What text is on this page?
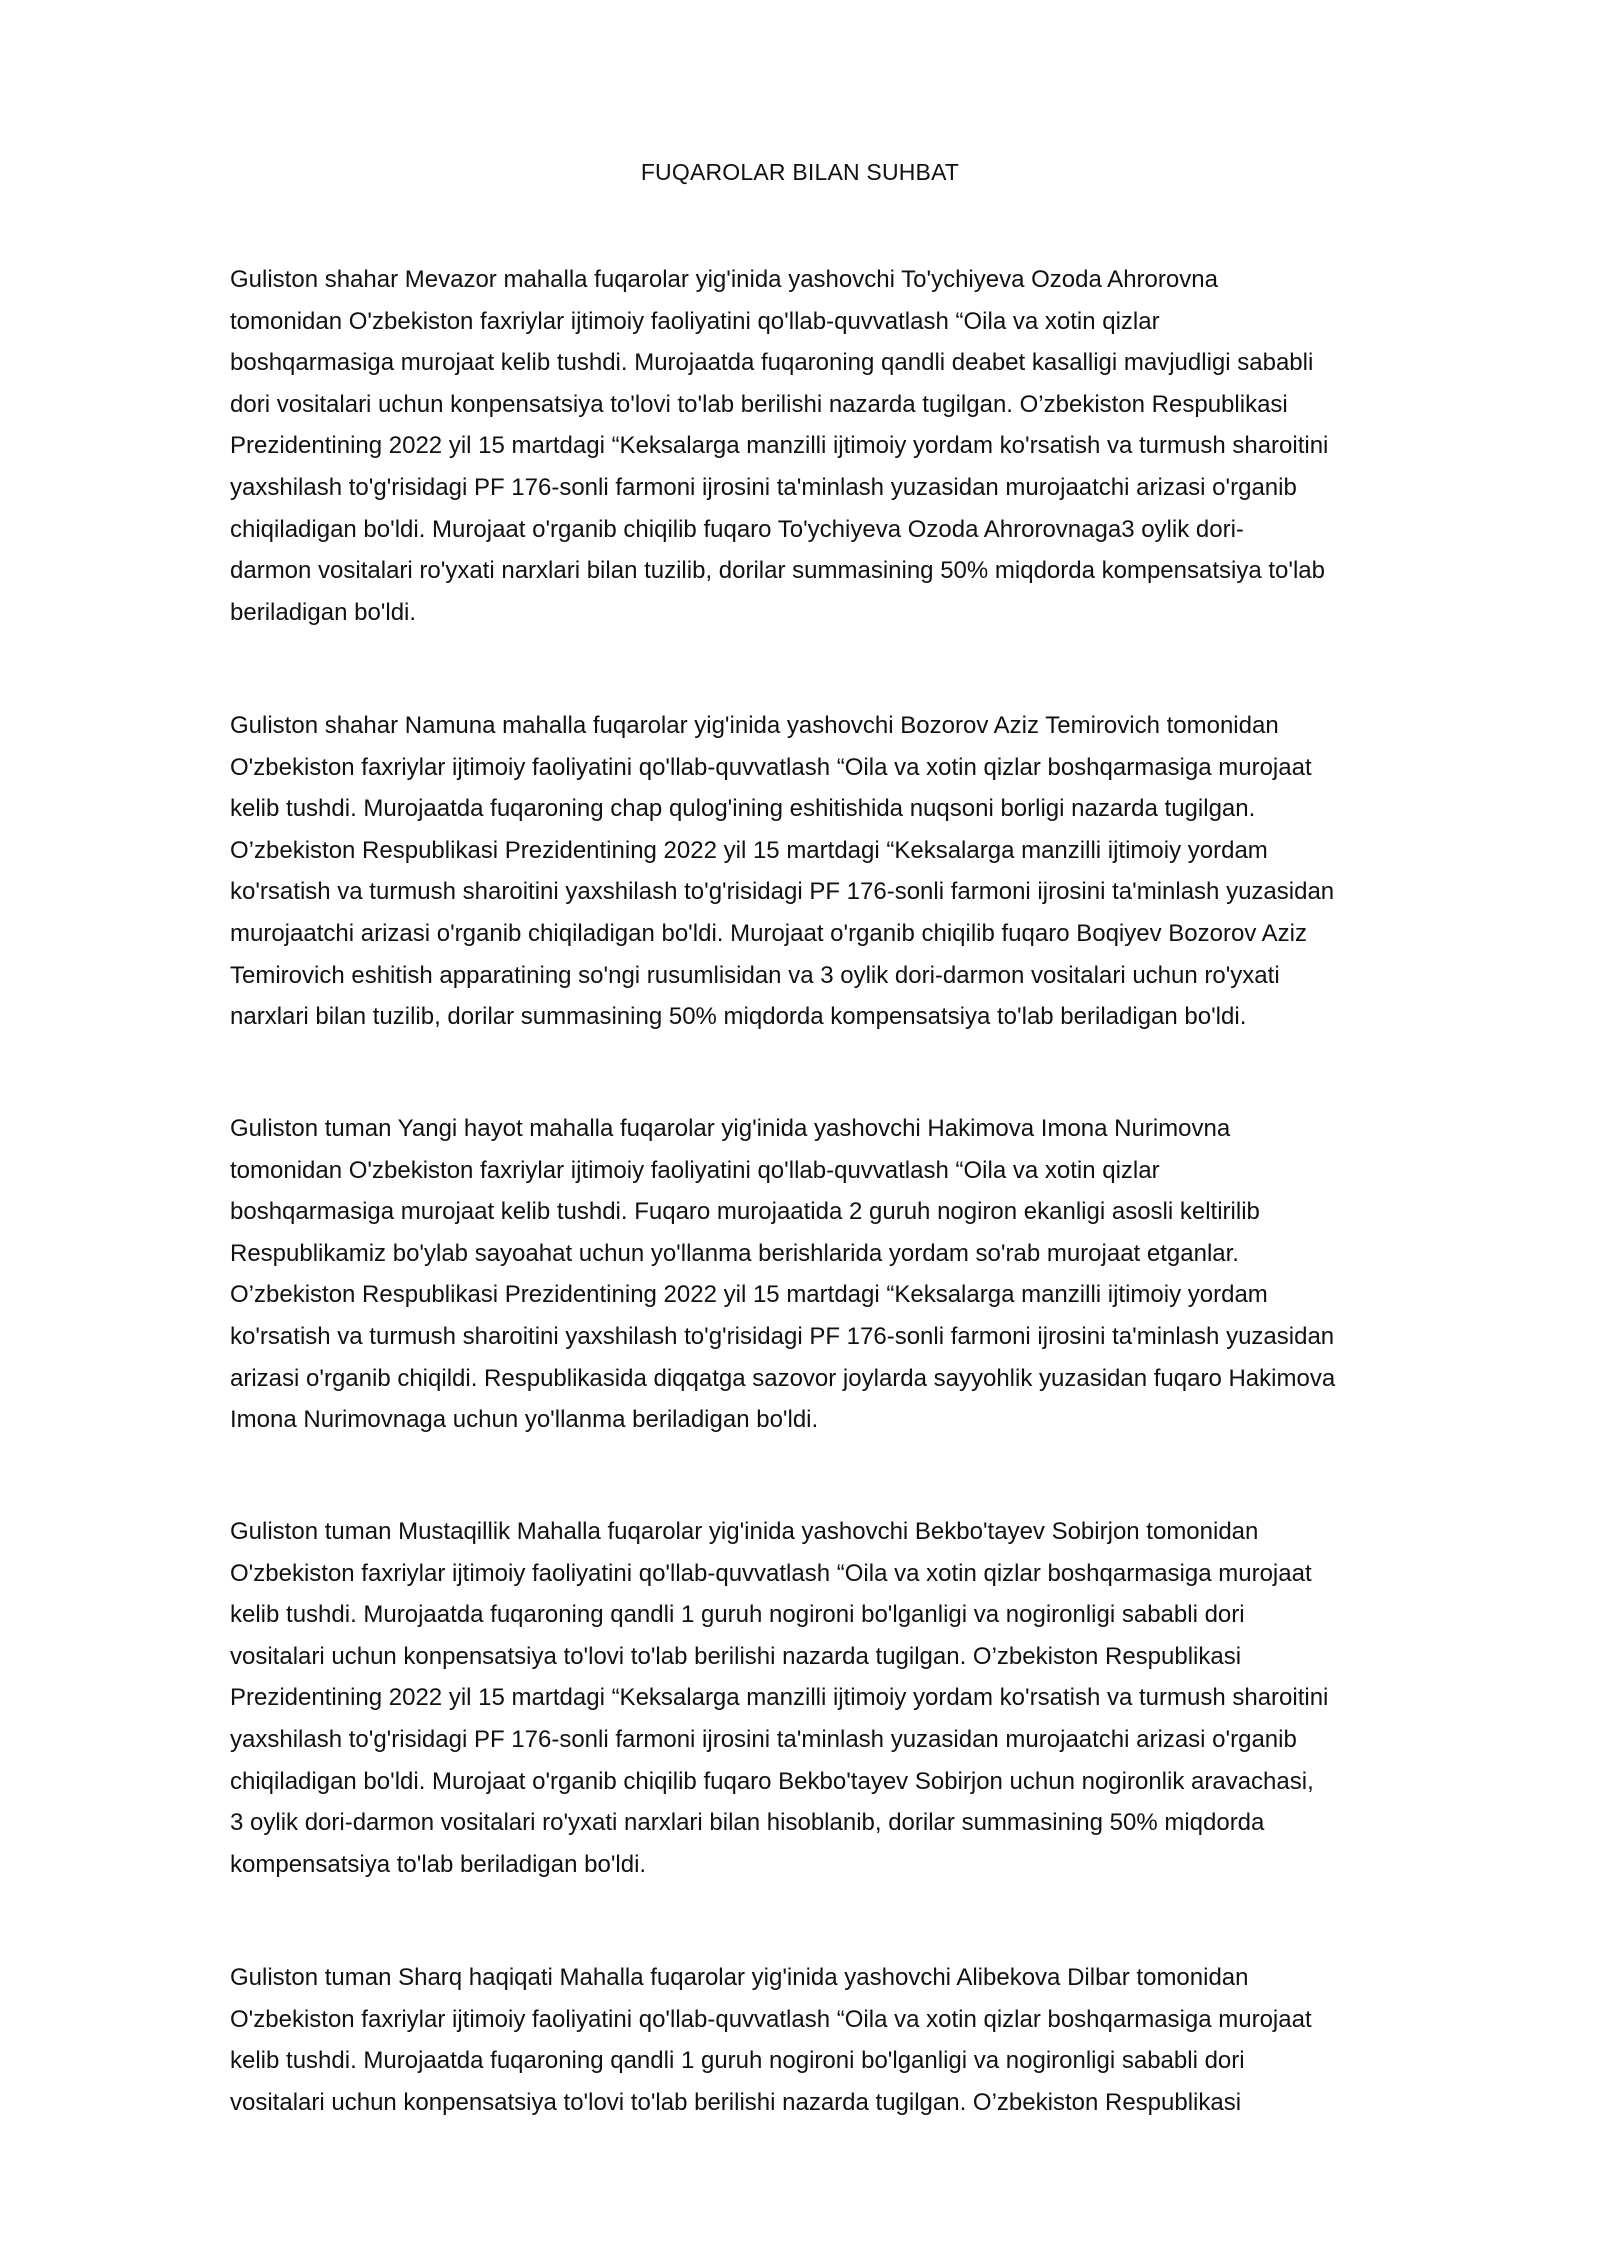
FUQAROLAR BILAN SUHBAT
Guliston shahar Mevazor mahalla fuqarolar yig'inida yashovchi To'ychiyeva Ozoda Ahrorovna
tomonidan O'zbekiston faxriylar ijtimoiy faoliyatini qo'llab-quvvatlash “Oila va xotin qizlar
boshqarmasiga murojaat kelib tushdi. Murojaatda fuqaroning qandli deabet kasalligi mavjudligi sababli
dori vositalari uchun konpensatsiya to'lovi to'lab berilishi nazarda tugilgan. O’zbekiston Respublikasi
Prezidentining 2022 yil 15 martdagi “Keksalarga manzilli ijtimoiy yordam ko'rsatish va turmush sharoitini
yaxshilash to'g'risidagi PF 176-sonli farmoni ijrosini ta'minlash yuzasidan murojaatchi arizasi o'rganib
chiqiladigan bo'ldi. Murojaat o'rganib chiqilib fuqaro To'ychiyeva Ozoda Ahrorovnaga3 oylik dori-
darmon vositalari ro'yxati narxlari bilan tuzilib, dorilar summasining 50% miqdorda kompensatsiya to'lab
beriladigan bo'ldi.
Guliston shahar Namuna mahalla fuqarolar yig'inida yashovchi Bozorov Aziz Temirovich tomonidan
O'zbekiston faxriylar ijtimoiy faoliyatini qo'llab-quvvatlash “Oila va xotin qizlar boshqarmasiga murojaat
kelib tushdi. Murojaatda fuqaroning chap qulog'ining eshitishida nuqsoni borligi nazarda tugilgan.
O’zbekiston Respublikasi Prezidentining 2022 yil 15 martdagi “Keksalarga manzilli ijtimoiy yordam
ko'rsatish va turmush sharoitini yaxshilash to'g'risidagi PF 176-sonli farmoni ijrosini ta'minlash yuzasidan
murojaatchi arizasi o'rganib chiqiladigan bo'ldi. Murojaat o'rganib chiqilib fuqaro Boqiyev Bozorov Aziz
Temirovich eshitish apparatining so'ngi rusumlisidan va 3 oylik dori-darmon vositalari uchun ro'yxati
narxlari bilan tuzilib, dorilar summasining 50% miqdorda kompensatsiya to'lab beriladigan bo'ldi.
Guliston tuman Yangi hayot mahalla fuqarolar yig'inida yashovchi Hakimova Imona Nurimovna
tomonidan O'zbekiston faxriylar ijtimoiy faoliyatini qo'llab-quvvatlash “Oila va xotin qizlar
boshqarmasiga murojaat kelib tushdi. Fuqaro murojaatida 2 guruh nogiron ekanligi asosli keltirilib
Respublikamiz bo'ylab sayoahat uchun yo'llanma berishlarida yordam so'rab murojaat etganlar.
O’zbekiston Respublikasi Prezidentining 2022 yil 15 martdagi “Keksalarga manzilli ijtimoiy yordam
ko'rsatish va turmush sharoitini yaxshilash to'g'risidagi PF 176-sonli farmoni ijrosini ta'minlash yuzasidan
arizasi o'rganib chiqildi. Respublikasida diqqatga sazovor joylarda sayyohlik yuzasidan fuqaro Hakimova
Imona Nurimovnaga uchun yo'llanma beriladigan bo'ldi.
Guliston tuman Mustaqillik Mahalla fuqarolar yig'inida yashovchi Bekbo'tayev Sobirjon tomonidan
O'zbekiston faxriylar ijtimoiy faoliyatini qo'llab-quvvatlash “Oila va xotin qizlar boshqarmasiga murojaat
kelib tushdi. Murojaatda fuqaroning qandli 1 guruh nogironi bo'lganligi va nogironligi sababli dori
vositalari uchun konpensatsiya to'lovi to'lab berilishi nazarda tugilgan. O’zbekiston Respublikasi
Prezidentining 2022 yil 15 martdagi “Keksalarga manzilli ijtimoiy yordam ko'rsatish va turmush sharoitini
yaxshilash to'g'risidagi PF 176-sonli farmoni ijrosini ta'minlash yuzasidan murojaatchi arizasi o'rganib
chiqiladigan bo'ldi. Murojaat o'rganib chiqilib fuqaro Bekbo'tayev Sobirjon uchun nogironlik aravachasi,
3 oylik dori-darmon vositalari ro'yxati narxlari bilan hisoblanib, dorilar summasining 50% miqdorda
kompensatsiya to'lab beriladigan bo'ldi.
Guliston tuman Sharq haqiqati Mahalla fuqarolar yig'inida yashovchi Alibekova Dilbar tomonidan
O'zbekiston faxriylar ijtimoiy faoliyatini qo'llab-quvvatlash “Oila va xotin qizlar boshqarmasiga murojaat
kelib tushdi. Murojaatda fuqaroning qandli 1 guruh nogironi bo'lganligi va nogironligi sababli dori
vositalari uchun konpensatsiya to'lovi to'lab berilishi nazarda tugilgan. O’zbekiston Respublikasi
